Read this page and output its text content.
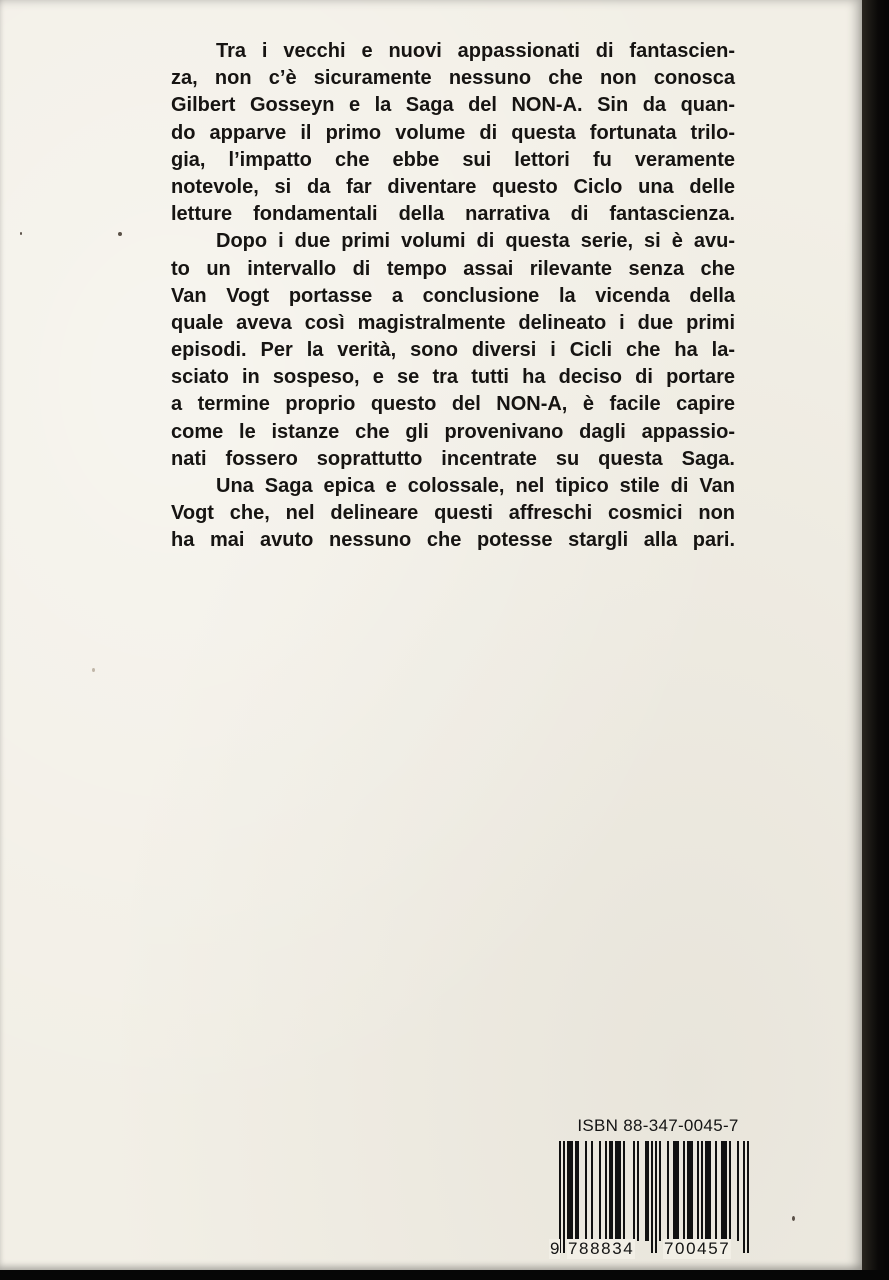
Tra i vecchi e nuovi appassionati di fantascien-
za, non c’è sicuramente nessuno che non conosca
Gilbert Gosseyn e la Saga del NON-A. Sin da quan-
do apparve il primo volume di questa fortunata trilo-
gia, l’impatto che ebbe sui lettori fu veramente
notevole, si da far diventare questo Ciclo una delle
letture fondamentali della narrativa di fantascienza.
Dopo i due primi volumi di questa serie, si è avu-
to un intervallo di tempo assai rilevante senza che
Van Vogt portasse a conclusione la vicenda della
quale aveva così magistralmente delineato i due primi
episodi. Per la verità, sono diversi i Cicli che ha la-
sciato in sospeso, e se tra tutti ha deciso di portare
a termine proprio questo del NON-A, è facile capire
come le istanze che gli provenivano dagli appassio-
nati fossero soprattutto incentrate su questa Saga.
Una Saga epica e colossale, nel tipico stile di Van
Vogt che, nel delineare questi affreschi cosmici non
ha mai avuto nessuno che potesse stargli alla pari.
ISBN 88-347-0045-7
9 788834 700457
